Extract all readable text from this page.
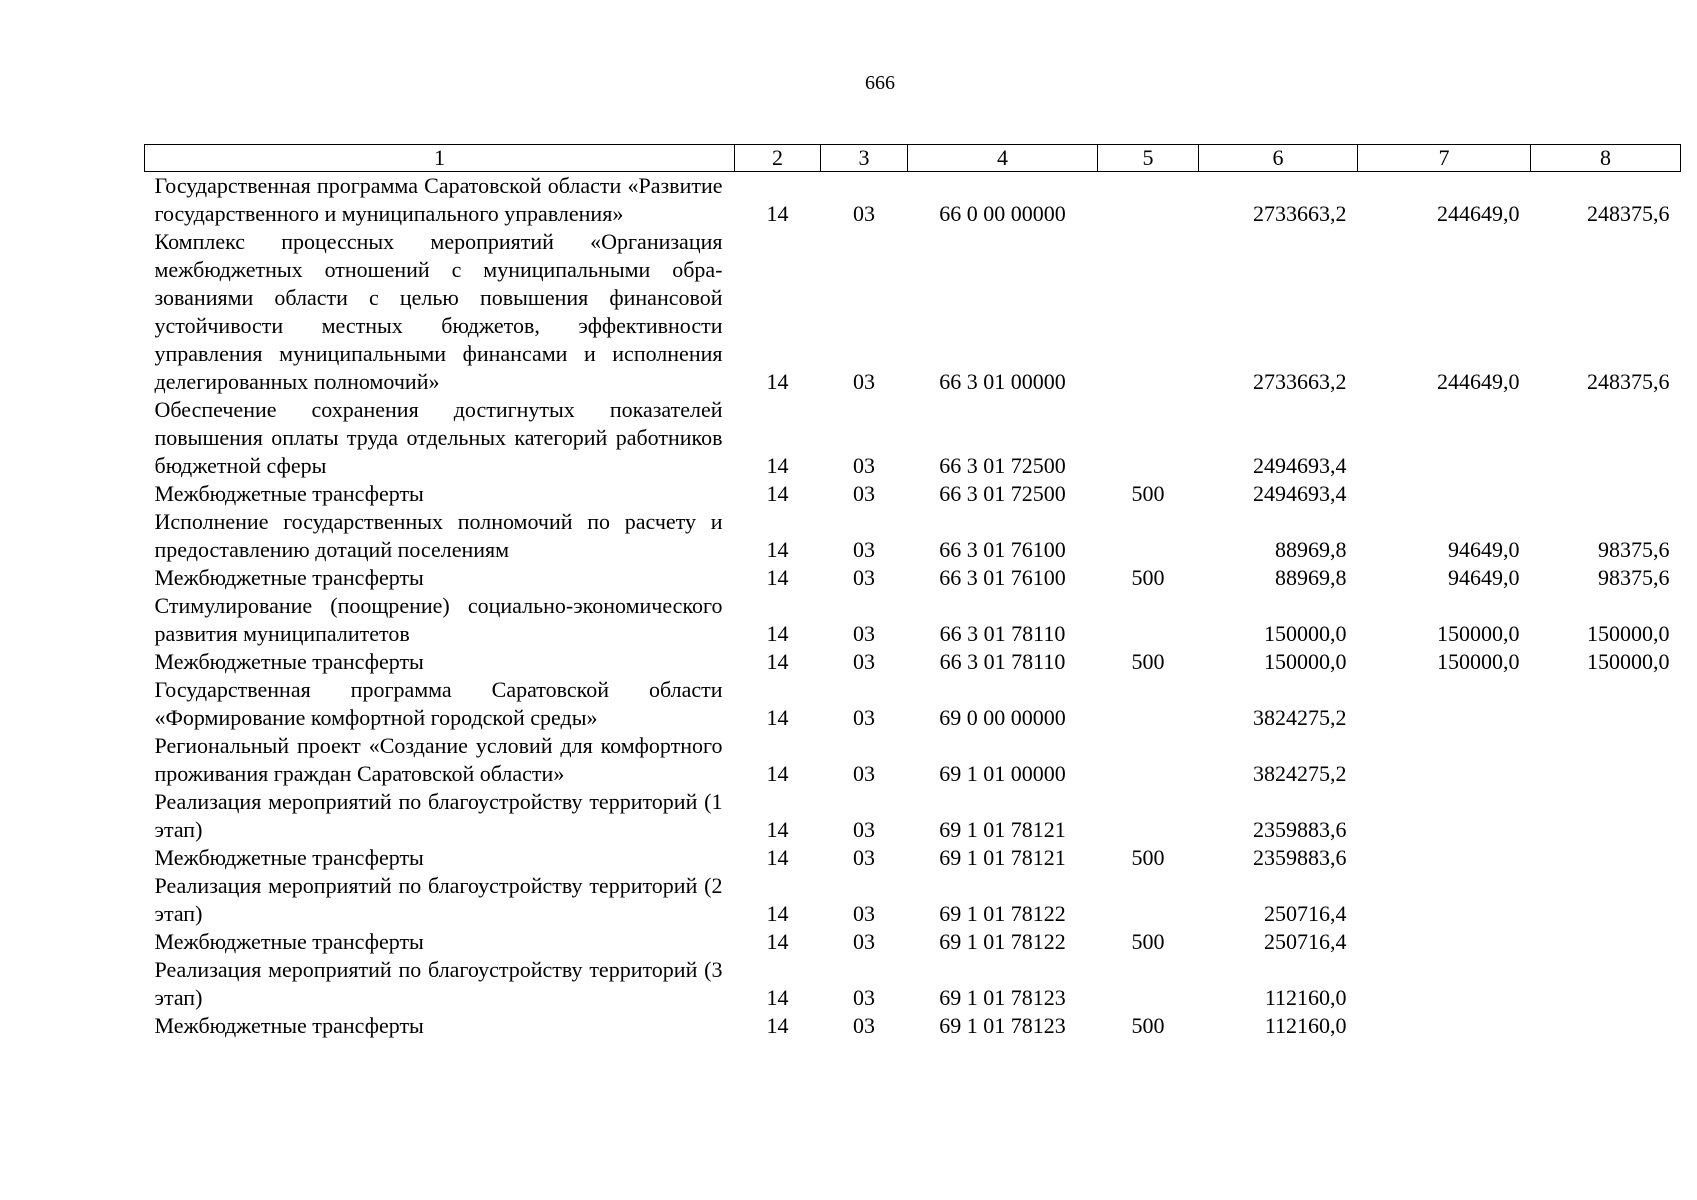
666
1	2	3	4	5	6	7	8
Государственная программа Саратовской области «Развитие государственного и муниципального управления»	14	03	66 0 00 00000		2733663,2	244649,0	248375,6
Комплекс процессных мероприятий «Организация межбюджетных отношений с муниципальными образованиями области с целью повышения финансовой устойчивости местных бюджетов, эффективности управления муниципальными финансами и исполнения делегированных полномочий»	14	03	66 3 01 00000		2733663,2	244649,0	248375,6
Обеспечение сохранения достигнутых показателей повышения оплаты труда отдельных категорий работников бюджетной сферы	14	03	66 3 01 72500		2494693,4		
Межбюджетные трансферты	14	03	66 3 01 72500	500	2494693,4		
Исполнение государственных полномочий по расчету и предоставлению дотаций поселениям	14	03	66 3 01 76100		88969,8	94649,0	98375,6
Межбюджетные трансферты	14	03	66 3 01 76100	500	88969,8	94649,0	98375,6
Стимулирование (поощрение) социально-экономического развития муниципалитетов	14	03	66 3 01 78110		150000,0	150000,0	150000,0
Межбюджетные трансферты	14	03	66 3 01 78110	500	150000,0	150000,0	150000,0
Государственная программа Саратовской области «Формирование комфортной городской среды»	14	03	69 0 00 00000		3824275,2		
Региональный проект «Создание условий для комфортного проживания граждан Саратовской области»	14	03	69 1 01 00000		3824275,2		
Реализация мероприятий по благоустройству территорий (1 этап)	14	03	69 1 01 78121		2359883,6		
Межбюджетные трансферты	14	03	69 1 01 78121	500	2359883,6		
Реализация мероприятий по благоустройству территорий (2 этап)	14	03	69 1 01 78122		250716,4		
Межбюджетные трансферты	14	03	69 1 01 78122	500	250716,4		
Реализация мероприятий по благоустройству территорий (3 этап)	14	03	69 1 01 78123		112160,0		
Межбюджетные трансферты	14	03	69 1 01 78123	500	112160,0		
